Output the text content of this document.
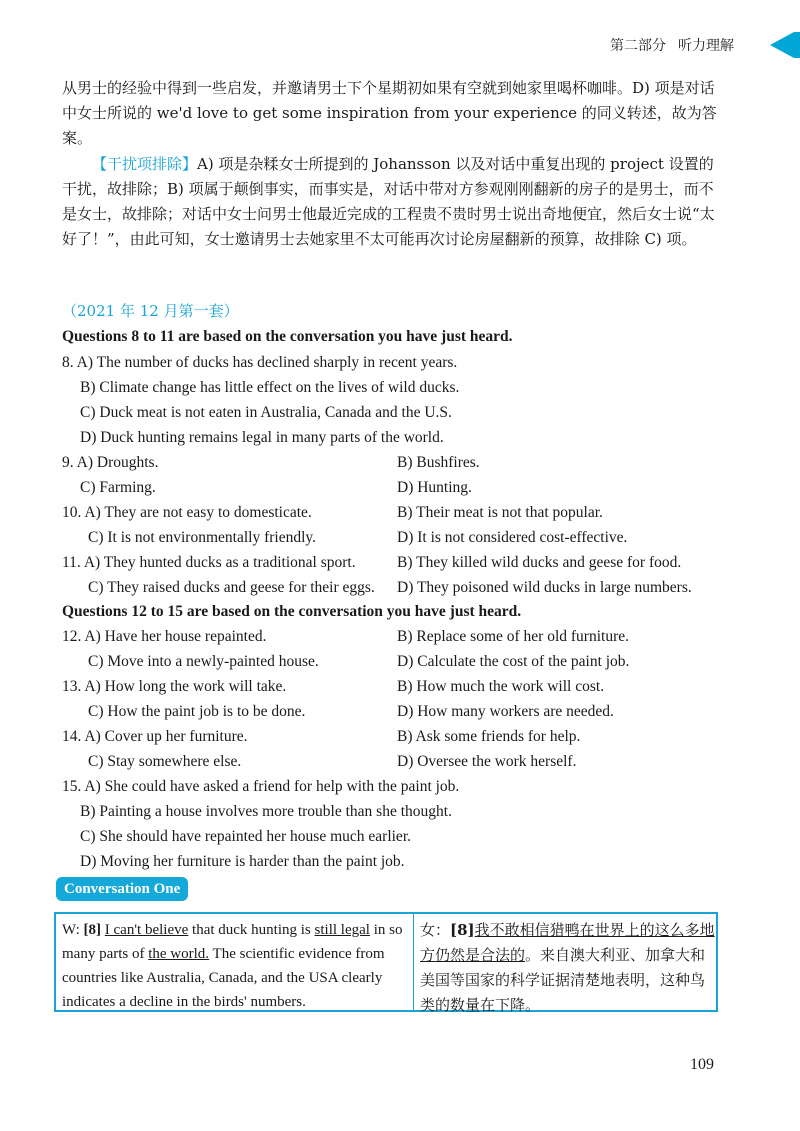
第二部分 听力理解

从男士的经验中得到一些启发，并邀请男士下个星期初如果有空就到她家里喝杯咖啡。D) 项是对话中女士所说的 we'd love to get some inspiration from your experience 的同义转述，故为答案。

【干扰项排除】A) 项是杂糅女士所提到的 Johansson 以及对话中重复出现的 project 设置的干扰，故排除；B) 项属于颠倒事实，而事实是，对话中带对方参观刚刚翻新的房子的是男士，而不是女士，故排除；对话中女士问男士他最近完成的工程贵不贵时男士说出奇地便宜，然后女士说“太好了！”，由此可知，女士邀请男士去她家里不太可能再次讨论房屋翻新的预算，故排除 C) 项。

（2021 年 12 月第一套）
Questions 8 to 11 are based on the conversation you have just heard.
8. A) The number of ducks has declined sharply in recent years.
B) Climate change has little effect on the lives of wild ducks.
C) Duck meat is not eaten in Australia, Canada and the U.S.
D) Duck hunting remains legal in many parts of the world.
9. A) Droughts.	B) Bushfires.
C) Farming.	D) Hunting.
10. A) They are not easy to domesticate.	B) Their meat is not that popular.
C) It is not environmentally friendly.	D) It is not considered cost-effective.
11. A) They hunted ducks as a traditional sport.	B) They killed wild ducks and geese for food.
C) They raised ducks and geese for their eggs. D) They poisoned wild ducks in large numbers.
Questions 12 to 15 are based on the conversation you have just heard.
12. A) Have her house repainted.	B) Replace some of her old furniture.
C) Move into a newly-painted house.	D) Calculate the cost of the paint job.
13. A) How long the work will take.	B) How much the work will cost.
C) How the paint job is to be done.	D) How many workers are needed.
14. A) Cover up her furniture.	B) Ask some friends for help.
C) Stay somewhere else.	D) Oversee the work herself.
15. A) She could have asked a friend for help with the paint job.
B) Painting a house involves more trouble than she thought.
C) She should have repainted her house much earlier.
D) Moving her furniture is harder than the paint job.
Conversation One
W: [8] I can't believe that duck hunting is still legal in so many parts of the world. The scientific evidence from countries like Australia, Canada, and the USA clearly indicates a decline in the birds' numbers.
女：[8]我不敢相信猎鸭在世界上的这么多地方仍然是合法的。来自澳大利亚、加拿大和美国等国家的科学证据清楚地表明，这种鸟类的数量在下降。
109
